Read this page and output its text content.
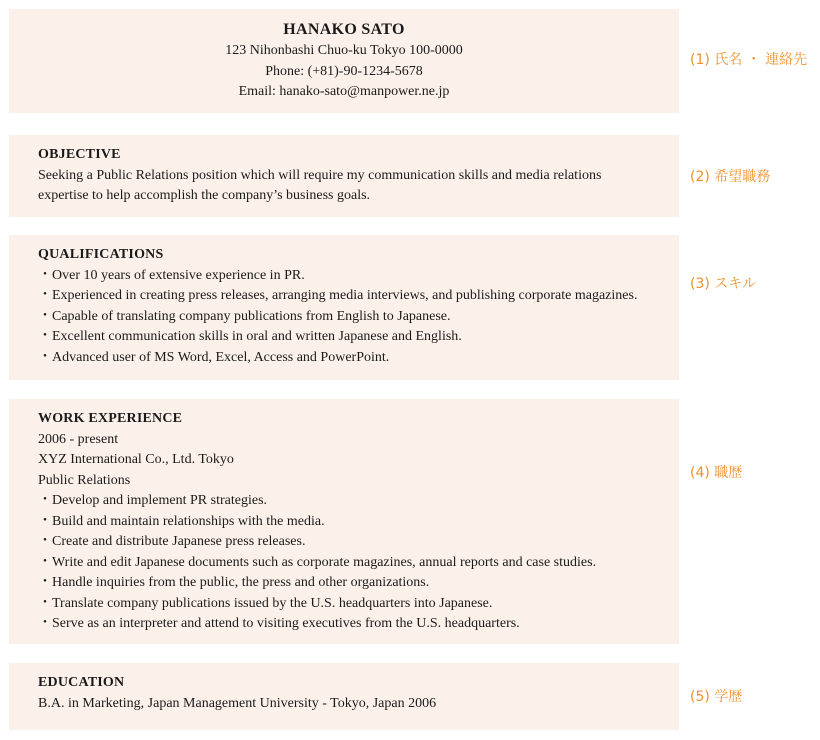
HANAKO SATO
123 Nihonbashi Chuo-ku Tokyo 100-0000
Phone: (+81)-90-1234-5678
Email: hanako-sato@manpower.ne.jp
OBJECTIVE
Seeking a Public Relations position which will require my communication skills and media relations
expertise to help accomplish the company’s business goals.
QUALIFICATIONS
・Over 10 years of extensive experience in PR.
・Experienced in creating press releases, arranging media interviews, and publishing corporate magazines.
・Capable of translating company publications from English to Japanese.
・Excellent communication skills in oral and written Japanese and English.
・Advanced user of MS Word, Excel, Access and PowerPoint.
WORK EXPERIENCE
2006 - present
XYZ International Co., Ltd. Tokyo
Public Relations
・Develop and implement PR strategies.
・Build and maintain relationships with the media.
・Create and distribute Japanese press releases.
・Write and edit Japanese documents such as corporate magazines, annual reports and case studies.
・Handle inquiries from the public, the press and other organizations.
・Translate company publications issued by the U.S. headquarters into Japanese.
・Serve as an interpreter and attend to visiting executives from the U.S. headquarters.
EDUCATION
B.A. in Marketing, Japan Management University - Tokyo, Japan 2006
(1) 氏名 ・ 連絡先
(2) 希望職務
(3) スキル
(4) 職歴
(5) 学歴
